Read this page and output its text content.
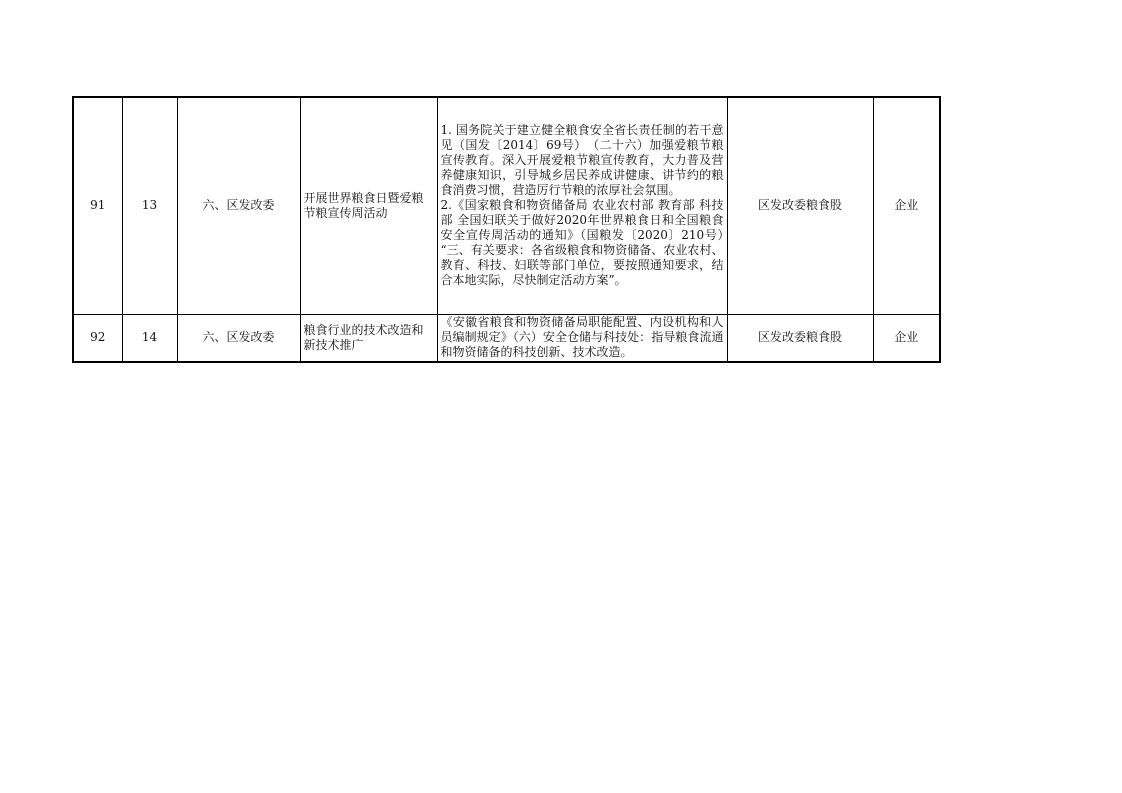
91	13	六、区发改委	开展世界粮食日暨爱粮节粮宣传周活动	1. 国务院关于建立健全粮食安全省长责任制的若干意见（国发〔2014〕69号）　（二十六）加强爱粮节粮宣传教育。深入开展爱粮节粮宣传教育，大力普及营养健康知识，引导城乡居民养成讲健康、讲节约的粮食消费习惯，营造厉行节粮的浓厚社会氛围。
2.《国家粮食和物资储备局 农业农村部 教育部 科技部 全国妇联关于做好2020年世界粮食日和全国粮食安全宣传周活动的通知》（国粮发〔2020〕210号）　“三、有关要求：各省级粮食和物资储备、农业农村、教育、科技、妇联等部门单位，要按照通知要求，结合本地实际，尽快制定活动方案”。	区发改委粮食股	企业
92	14	六、区发改委	粮食行业的技术改造和新技术推广	《安徽省粮食和物资储备局职能配置、内设机构和人员编制规定》（六）安全仓储与科技处：指导粮食流通和物资储备的科技创新、技术改造。	区发改委粮食股	企业
